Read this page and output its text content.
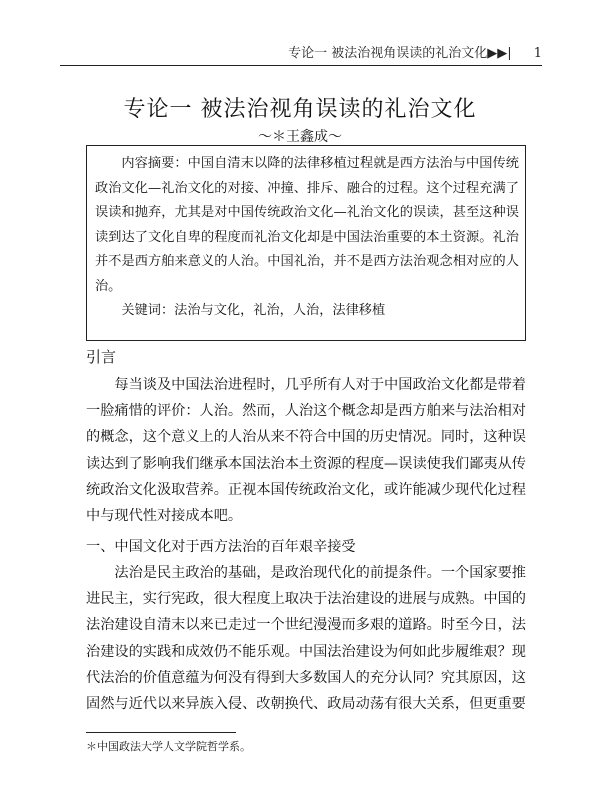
专论一 被法治视角误读的礼治文化▶▶| 1
专论一 被法治视角误读的礼治文化
～＊王鑫成～

内容摘要：中国自清末以降的法律移植过程就是西方法治与中国传统政治文化—礼治文化的对接、冲撞、排斥、融合的过程。这个过程充满了误读和抛弃，尤其是对中国传统政治文化—礼治文化的误读，甚至这种误读到达了文化自卑的程度而礼治文化却是中国法治重要的本土资源。礼治并不是西方舶来意义的人治。中国礼治，并不是西方法治观念相对应的人治。

关键词：法治与文化，礼治，人治，法律移植

引言

每当谈及中国法治进程时，几乎所有人对于中国政治文化都是带着一脸痛惜的评价：人治。然而，人治这个概念却是西方舶来与法治相对的概念，这个意义上的人治从来不符合中国的历史情况。同时，这种误读达到了影响我们继承本国法治本土资源的程度—误读使我们鄙夷从传统政治文化汲取营养。正视本国传统政治文化，或许能减少现代化过程中与现代性对接成本吧。

一、中国文化对于西方法治的百年艰辛接受

法治是民主政治的基础，是政治现代化的前提条件。一个国家要推进民主，实行宪政，很大程度上取决于法治建设的进展与成熟。中国的法治建设自清末以来已走过一个世纪漫漫而多艰的道路。时至今日，法治建设的实践和成效仍不能乐观。中国法治建设为何如此步履维艰？现代法治的价值意蕴为何没有得到大多数国人的充分认同？究其原因，这固然与近代以来异族入侵、改朝换代、政局动荡有很大关系，但更重要

＊中国政法大学人文学院哲学系。
